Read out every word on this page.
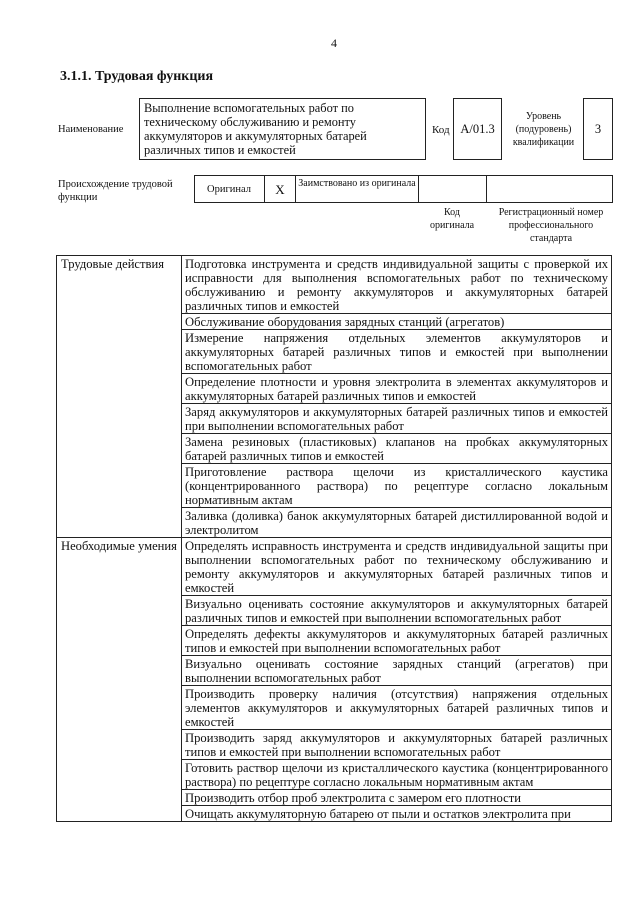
4
3.1.1. Трудовая функция
Наименование
Выполнение вспомогательных работ по техническому обслуживанию и ремонту аккумуляторов и аккумуляторных батарей различных типов и емкостей
Код A/01.3
Уровень (подуровень) квалификации
3
Происхождение трудовой функции
Оригинал	X	Заимствовано из оригинала
Код оригинала
Регистрационный номер профессионального стандарта
Трудовые действия	Подготовка инструмента и средств индивидуальной защиты с проверкой их исправности для выполнения вспомогательных работ по техническому обслуживанию и ремонту аккумуляторов и аккумуляторных батарей различных типов и емкостей
	Обслуживание оборудования зарядных станций (агрегатов)
	Измерение напряжения отдельных элементов аккумуляторов и аккумуляторных батарей различных типов и емкостей при выполнении вспомогательных работ
	Определение плотности и уровня электролита в элементах аккумуляторов и аккумуляторных батарей различных типов и емкостей
	Заряд аккумуляторов и аккумуляторных батарей различных типов и емкостей при выполнении вспомогательных работ
	Замена резиновых (пластиковых) клапанов на пробках аккумуляторных батарей различных типов и емкостей
	Приготовление раствора щелочи из кристаллического каустика (концентрированного раствора) по рецептуре согласно локальным нормативным актам
	Заливка (доливка) банок аккумуляторных батарей дистиллированной водой и электролитом
Необходимые умения	Определять исправность инструмента и средств индивидуальной защиты при выполнении вспомогательных работ по техническому обслуживанию и ремонту аккумуляторов и аккумуляторных батарей различных типов и емкостей
	Визуально оценивать состояние аккумуляторов и аккумуляторных батарей различных типов и емкостей при выполнении вспомогательных работ
	Определять дефекты аккумуляторов и аккумуляторных батарей различных типов и емкостей при выполнении вспомогательных работ
	Визуально оценивать состояние зарядных станций (агрегатов) при выполнении вспомогательных работ
	Производить проверку наличия (отсутствия) напряжения отдельных элементов аккумуляторов и аккумуляторных батарей различных типов и емкостей
	Производить заряд аккумуляторов и аккумуляторных батарей различных типов и емкостей при выполнении вспомогательных работ
	Готовить раствор щелочи из кристаллического каустика (концентрированного раствора) по рецептуре согласно локальным нормативным актам
	Производить отбор проб электролита с замером его плотности
	Очищать аккумуляторную батарею от пыли и остатков электролита при
